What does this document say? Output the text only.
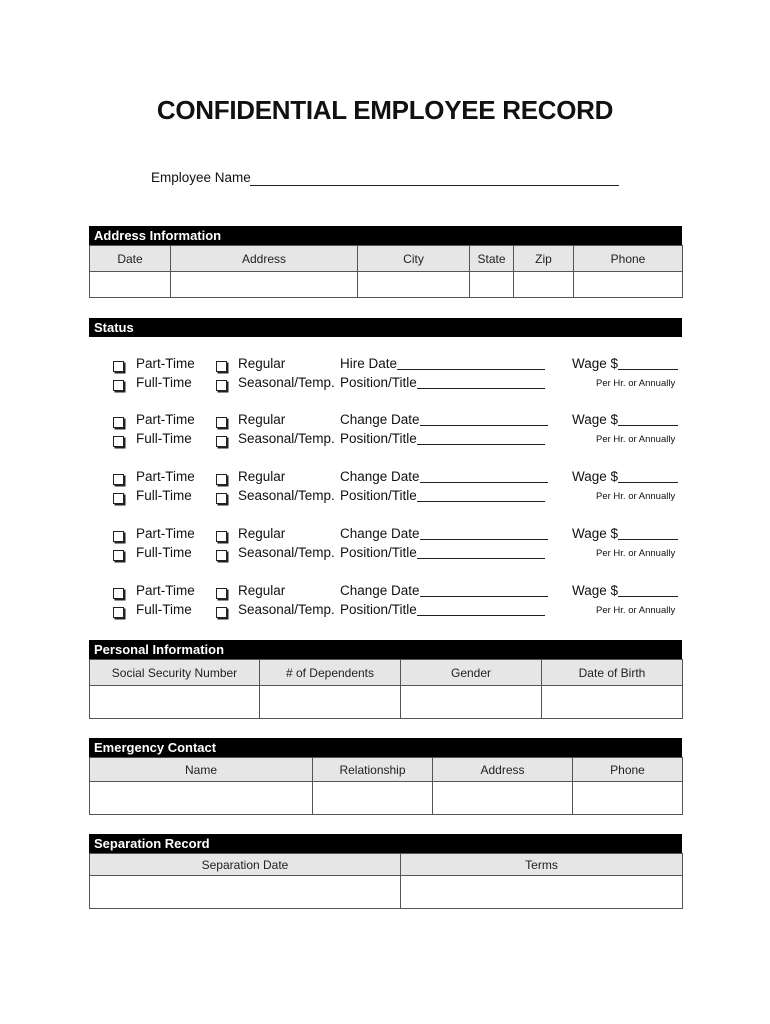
CONFIDENTIAL EMPLOYEE RECORD
Employee Name
Address Information
Date	Address	City	State	Zip	Phone

Status
Part-Time
Full-Time
Regular
Seasonal/Temp.
Hire Date
Position/Title
Wage $
Per Hr. or Annually
Part-Time
Full-Time
Regular
Seasonal/Temp.
Change Date
Position/Title
Wage $
Per Hr. or Annually
Part-Time
Full-Time
Regular
Seasonal/Temp.
Change Date
Position/Title
Wage $
Per Hr. or Annually
Part-Time
Full-Time
Regular
Seasonal/Temp.
Change Date
Position/Title
Wage $
Per Hr. or Annually
Part-Time
Full-Time
Regular
Seasonal/Temp.
Change Date
Position/Title
Wage $
Per Hr. or Annually
Personal Information
Social Security Number	# of Dependents	Gender	Date of Birth

Emergency Contact
Name	Relationship	Address	Phone

Separation Record
Separation Date	Terms
